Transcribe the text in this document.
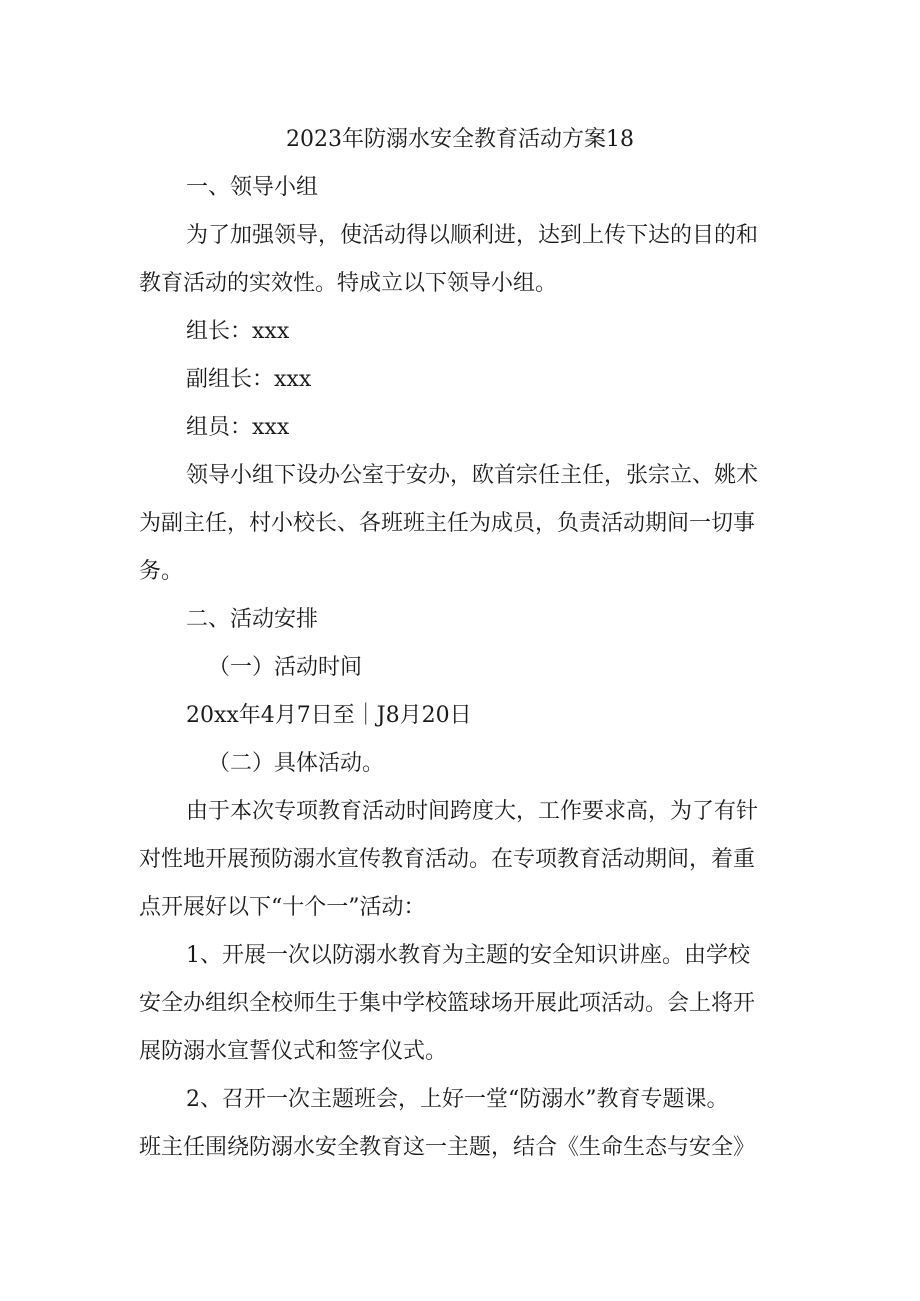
2023年防溺水安全教育活动方案18
一、领导小组
为了加强领导，使活动得以顺利进，达到上传下达的目的和
教育活动的实效性。特成立以下领导小组。
组长：xxx
副组长：xxx
组员：xxx
领导小组下设办公室于安办，欧首宗任主任，张宗立、姚术
为副主任，村小校长、各班班主任为成员，负责活动期间一切事
务。
二、活动安排
（一）活动时间
20xx年4月7日至｜J8月20日
（二）具体活动。
由于本次专项教育活动时间跨度大，工作要求高，为了有针
对性地开展预防溺水宣传教育活动。在专项教育活动期间，着重
点开展好以下“十个一”活动：
1、开展一次以防溺水教育为主题的安全知识讲座。由学校
安全办组织全校师生于集中学校篮球场开展此项活动。会上将开
展防溺水宣誓仪式和签字仪式。
2、召开一次主题班会，上好一堂“防溺水”教育专题课。
班主任围绕防溺水安全教育这一主题，结合《生命生态与安全》
